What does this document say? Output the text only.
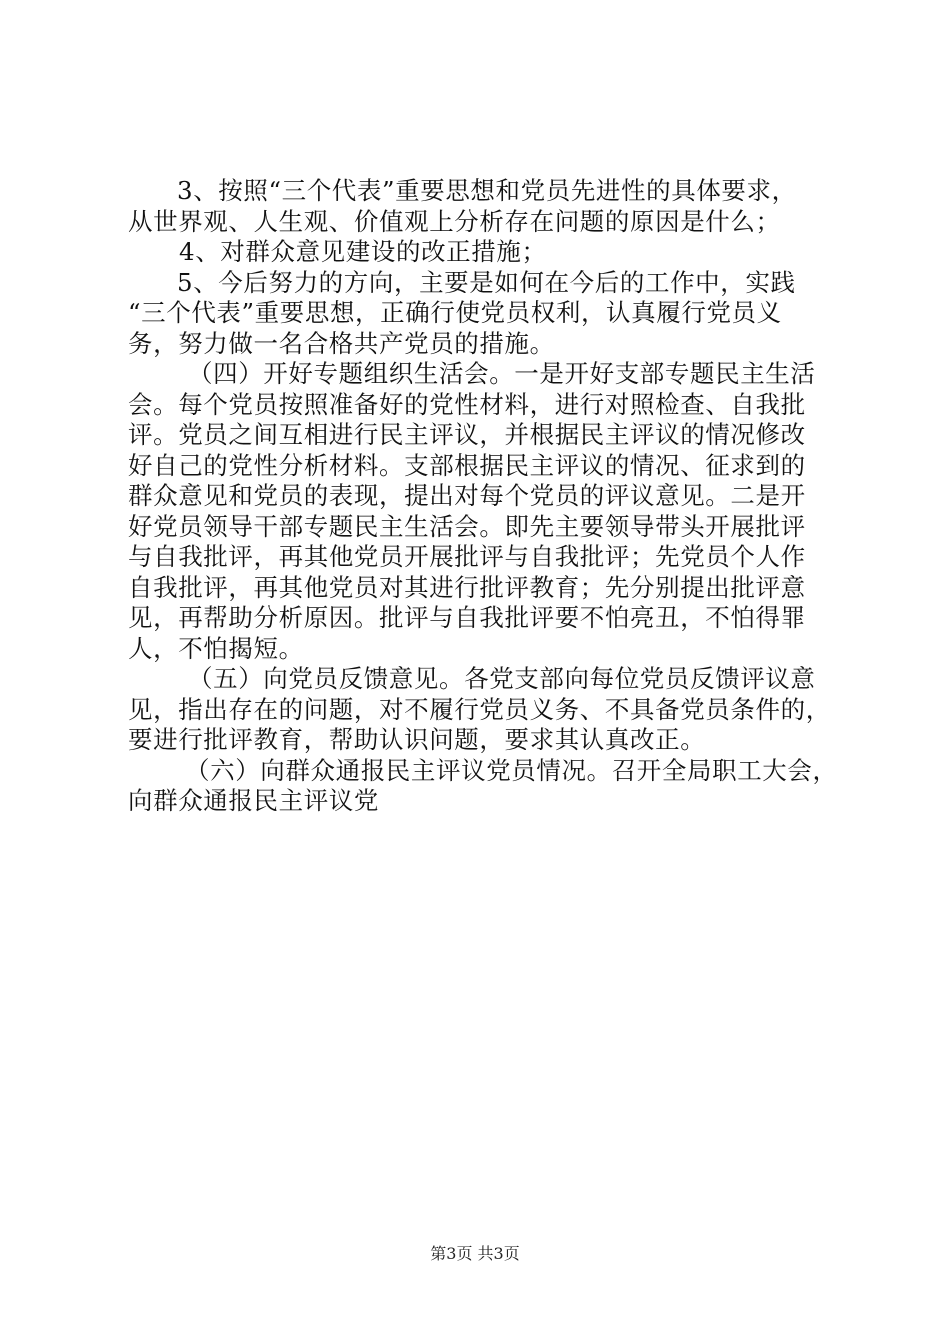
3、按照“三个代表”重要思想和党员先进性的具体要求，
从世界观、人生观、价值观上分析存在问题的原因是什么；
4、对群众意见建设的改正措施；
5、今后努力的方向，主要是如何在今后的工作中，实践
“三个代表”重要思想，正确行使党员权利，认真履行党员义
务，努力做一名合格共产党员的措施。
（四）开好专题组织生活会。一是开好支部专题民主生活
会。每个党员按照准备好的党性材料，进行对照检查、自我批
评。党员之间互相进行民主评议，并根据民主评议的情况修改
好自己的党性分析材料。支部根据民主评议的情况、征求到的
群众意见和党员的表现，提出对每个党员的评议意见。二是开
好党员领导干部专题民主生活会。即先主要领导带头开展批评
与自我批评，再其他党员开展批评与自我批评；先党员个人作
自我批评，再其他党员对其进行批评教育；先分别提出批评意
见，再帮助分析原因。批评与自我批评要不怕亮丑，不怕得罪
人，不怕揭短。
（五）向党员反馈意见。各党支部向每位党员反馈评议意
见，指出存在的问题，对不履行党员义务、不具备党员条件的，
要进行批评教育，帮助认识问题，要求其认真改正。
（六）向群众通报民主评议党员情况。召开全局职工大会，
向群众通报民主评议党
第3页 共3页
